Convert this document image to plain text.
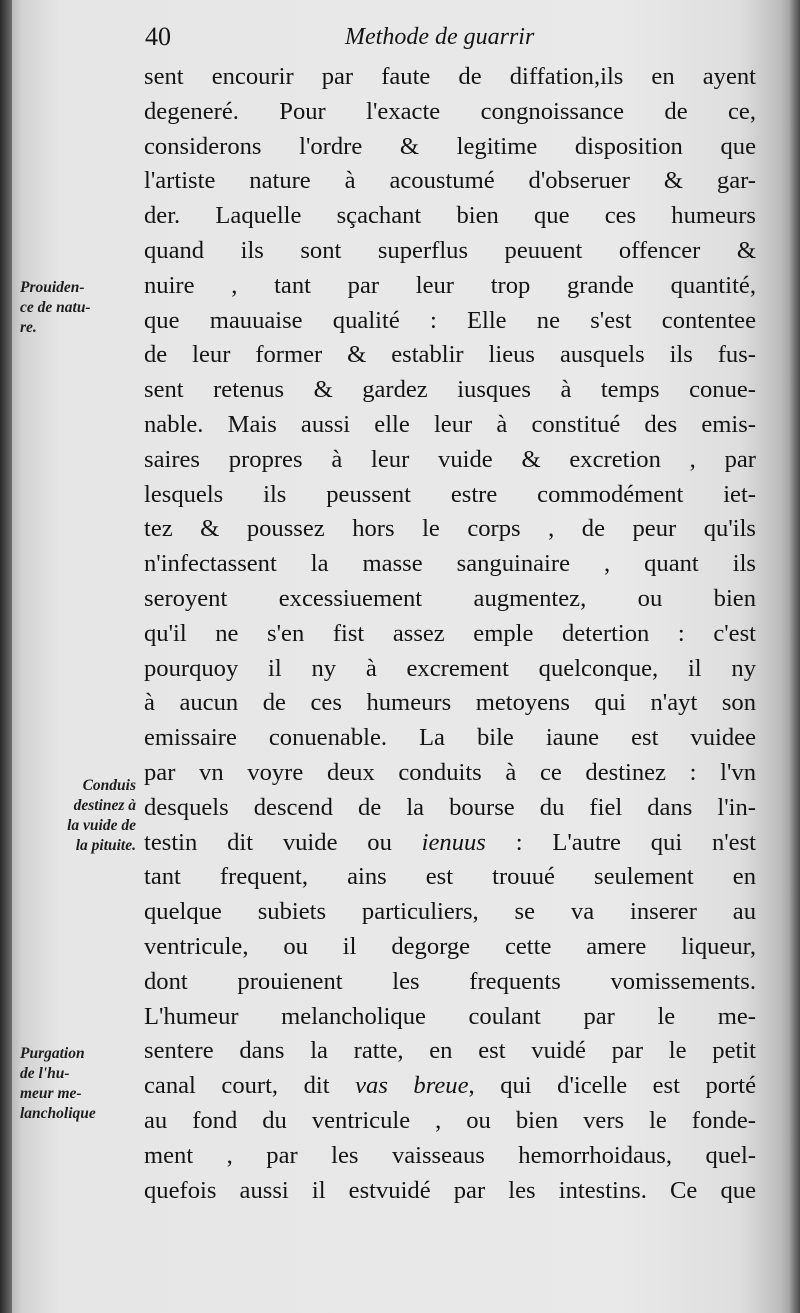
40	Methode de guarrir
sent encourir par faute de diffation,ils en ayent
degeneré. Pour l'exacte congnoissance de ce,
considerons l'ordre & legitime disposition que
l'artiste nature à acoustumé d'obseruer & gar-
der. Laquelle sçachant bien que ces humeurs
quand ils sont superflus peuuent offencer &
nuire , tant par leur trop grande quantité,
que mauuaise qualité : Elle ne s'est contentee
de leur former & establir lieus ausquels ils fus-
sent retenus & gardez iusques à temps conue-
nable. Mais aussi elle leur à constitué des emis-
saires propres à leur vuide & excretion , par
lesquels ils peussent estre commodément iet-
tez & poussez hors le corps , de peur qu'ils
n'infectassent la masse sanguinaire , quant ils
seroyent excessiuement augmentez, ou bien
qu'il ne s'en fist assez emple detertion : c'est
pourquoy il ny à excrement quelconque, il ny
à aucun de ces humeurs metoyens qui n'ayt son
emissaire conuenable. La bile iaune est vuidee
par vn voyre deux conduits à ce destinez : l'vn
desquels descend de la bourse du fiel dans l'in-
testin dit vuide ou ienuus : L'autre qui n'est
tant frequent, ains est trouué seulement en
quelque subiets particuliers, se va inserer au
ventricule, ou il degorge cette amere liqueur,
dont prouienent les frequents vomissements.
L'humeur melancholique coulant par le me-
sentere dans la ratte, en est vuidé par le petit
canal court, dit vas breue, qui d'icelle est porté
au fond du ventricule , ou bien vers le fonde-
ment , par les vaisseaus hemorrhoidaus, quel-
quefois aussi il estvuidé par les intestins. Ce que
Prouiden-
ce de natu-
re.
Conduis
destinez à
la vuide de
la pituite.
Purgation
de l'hu-
meur me-
lancholique
